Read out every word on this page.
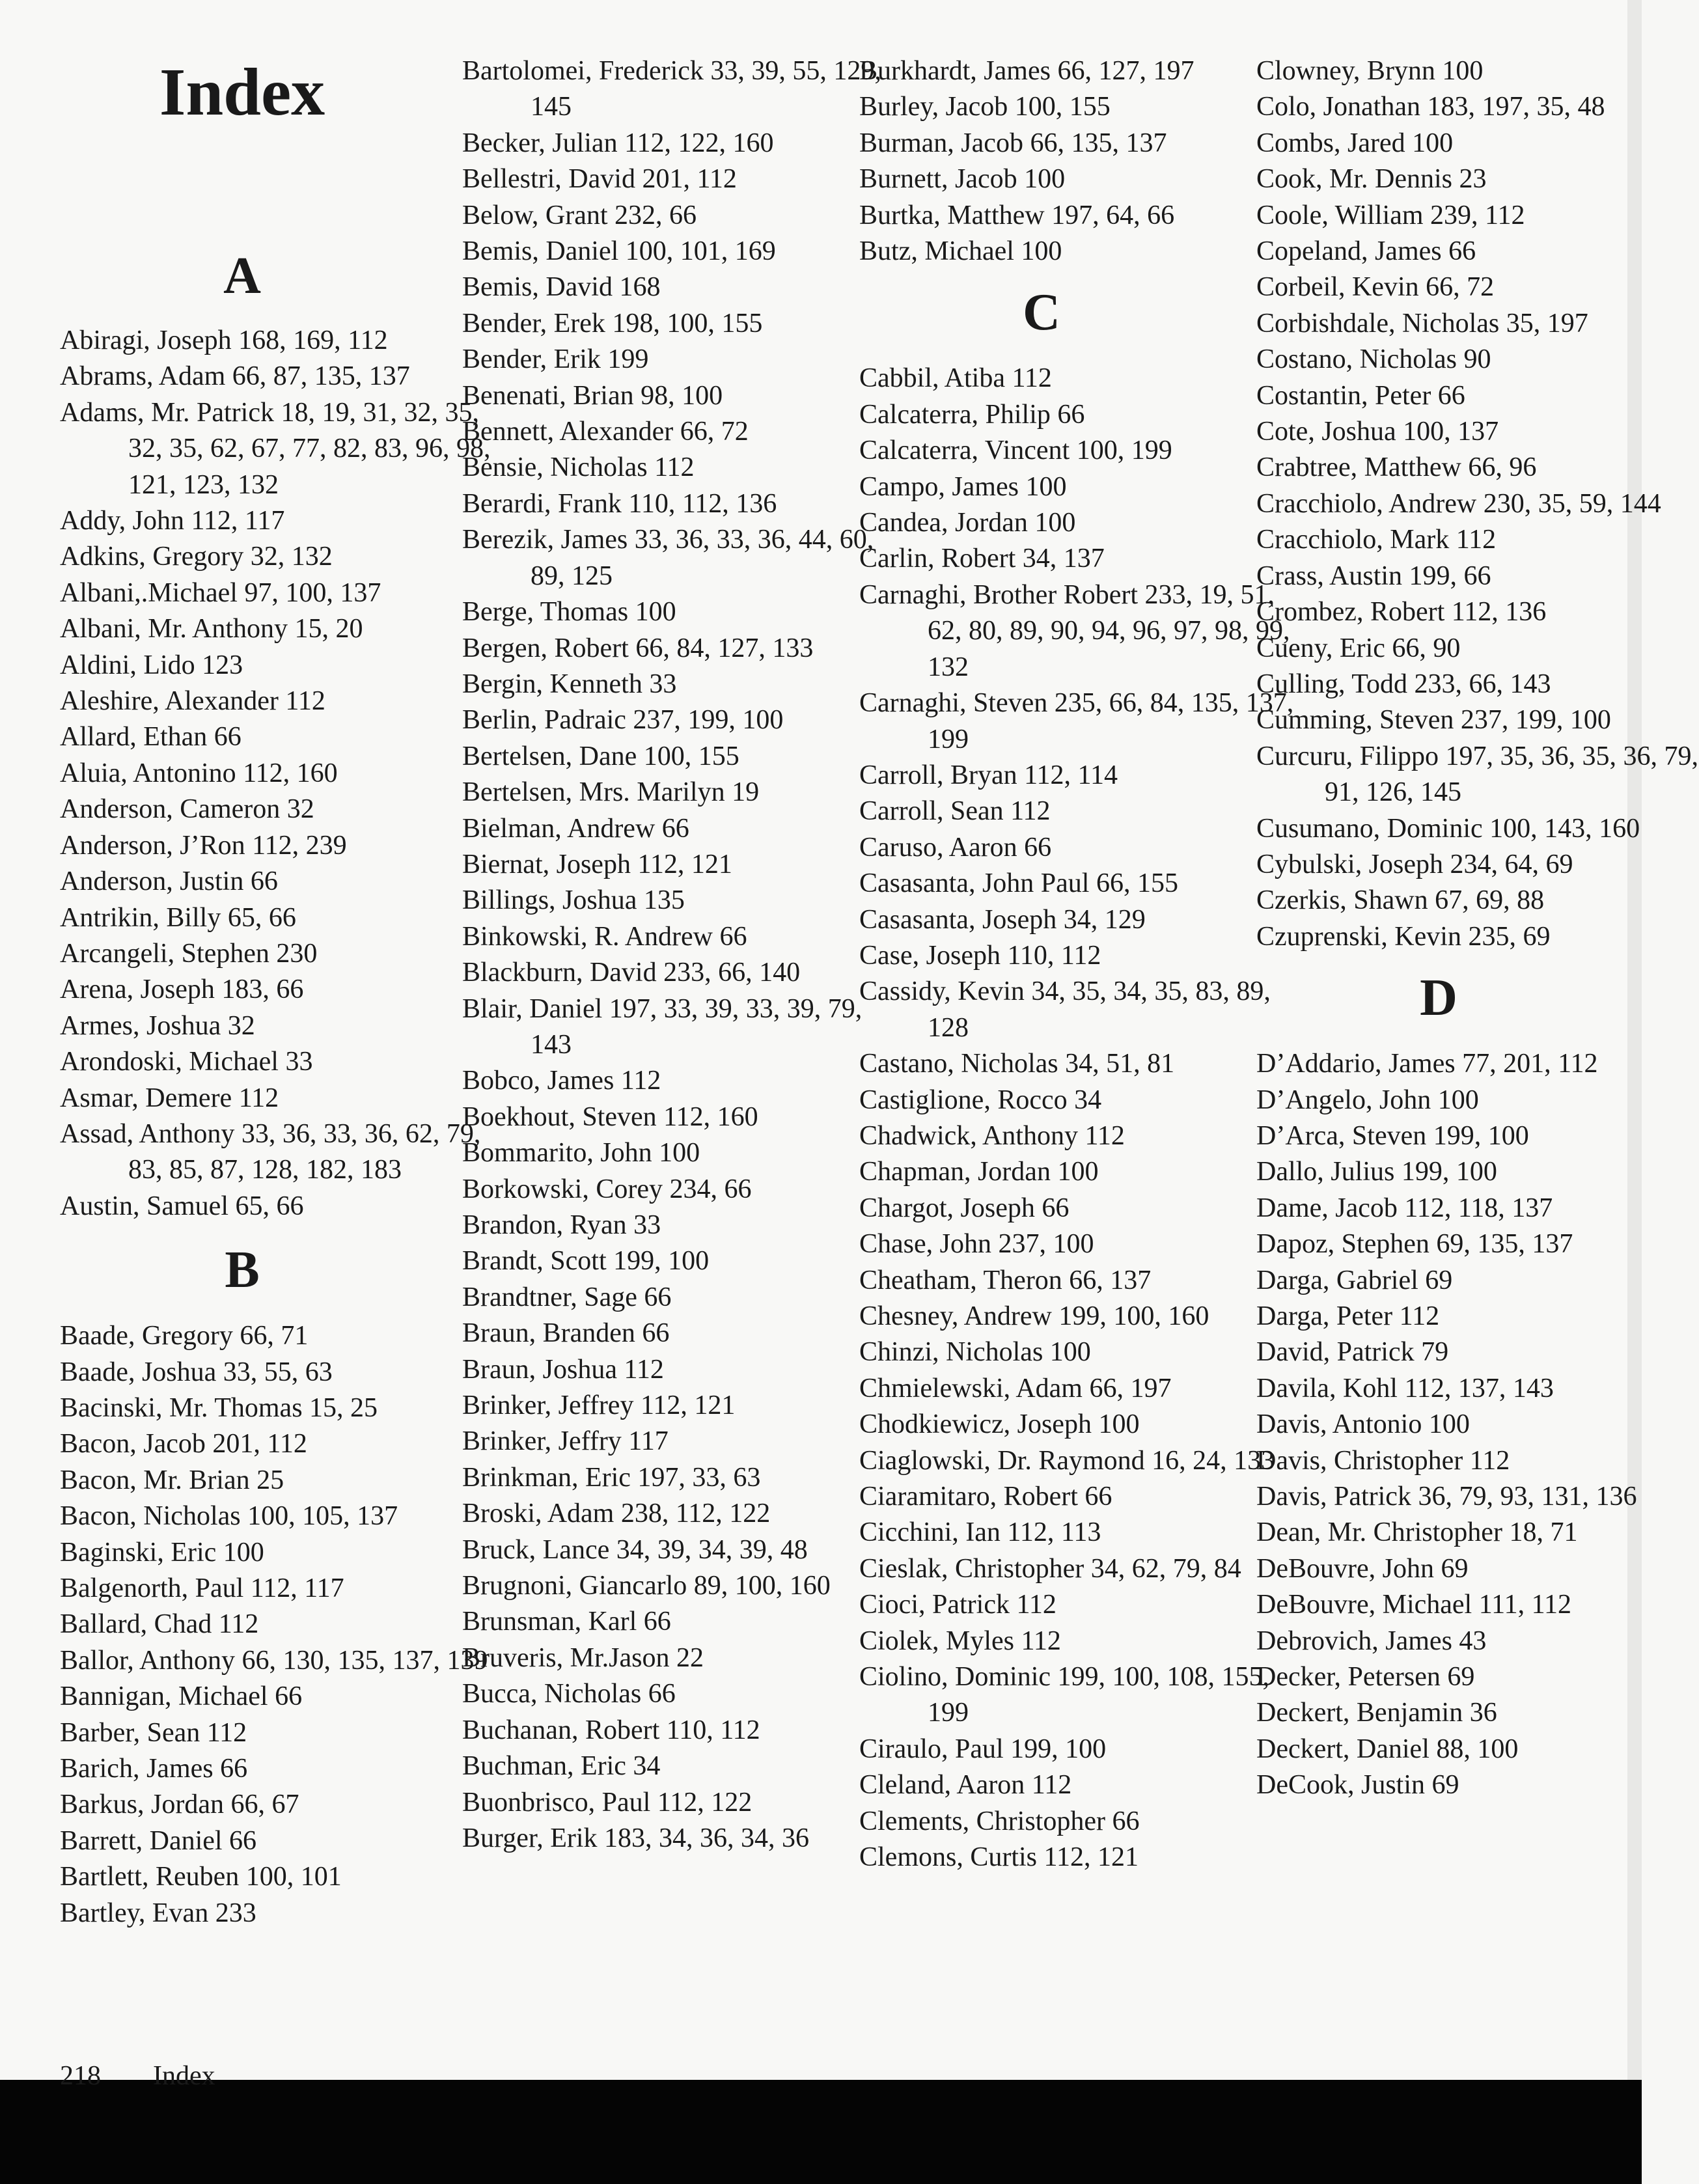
Index
A
Abiragi, Joseph 168, 169, 112
Abrams, Adam 66, 87, 135, 137
Adams, Mr. Patrick 18, 19, 31, 32, 35, 32, 35, 62, 67, 77, 82, 83, 96, 98, 121, 123, 132
Addy, John 112, 117
Adkins, Gregory 32, 132
Albani,.Michael 97, 100, 137
Albani, Mr. Anthony 15, 20
Aldini, Lido 123
Aleshire, Alexander 112
Allard, Ethan 66
Aluia, Antonino 112, 160
Anderson, Cameron 32
Anderson, J’Ron 112, 239
Anderson, Justin 66
Antrikin, Billy 65, 66
Arcangeli, Stephen 230
Arena, Joseph 183, 66
Armes, Joshua 32
Arondoski, Michael 33
Asmar, Demere 112
Assad, Anthony 33, 36, 33, 36, 62, 79, 83, 85, 87, 128, 182, 183
Austin, Samuel 65, 66
B
Baade, Gregory 66, 71
Baade, Joshua 33, 55, 63
Bacinski, Mr. Thomas 15, 25
Bacon, Jacob 201, 112
Bacon, Mr. Brian 25
Bacon, Nicholas 100, 105, 137
Baginski, Eric 100
Balgenorth, Paul 112, 117
Ballard, Chad 112
Ballor, Anthony 66, 130, 135, 137, 139
Bannigan, Michael 66
Barber, Sean 112
Barich, James 66
Barkus, Jordan 66, 67
Barrett, Daniel 66
Bartlett, Reuben 100, 101
Bartley, Evan 233
Bartolomei, Frederick 33, 39, 55, 129, 145
Becker, Julian 112, 122, 160
Bellestri, David 201, 112
Below, Grant 232, 66
Bemis, Daniel 100, 101, 169
Bemis, David 168
Bender, Erek 198, 100, 155
Bender, Erik 199
Benenati, Brian 98, 100
Bennett, Alexander 66, 72
Bensie, Nicholas 112
Berardi, Frank 110, 112, 136
Berezik, James 33, 36, 33, 36, 44, 60, 89, 125
Berge, Thomas 100
Bergen, Robert 66, 84, 127, 133
Bergin, Kenneth 33
Berlin, Padraic 237, 199, 100
Bertelsen, Dane 100, 155
Bertelsen, Mrs. Marilyn 19
Bielman, Andrew 66
Biernat, Joseph 112, 121
Billings, Joshua 135
Binkowski, R. Andrew 66
Blackburn, David 233, 66, 140
Blair, Daniel 197, 33, 39, 33, 39, 79, 143
Bobco, James 112
Boekhout, Steven 112, 160
Bommarito, John 100
Borkowski, Corey 234, 66
Brandon, Ryan 33
Brandt, Scott 199, 100
Brandtner, Sage 66
Braun, Branden 66
Braun, Joshua 112
Brinker, Jeffrey 112, 121
Brinker, Jeffry 117
Brinkman, Eric 197, 33, 63
Broski, Adam 238, 112, 122
Bruck, Lance 34, 39, 34, 39, 48
Brugnoni, Giancarlo 89, 100, 160
Brunsman, Karl 66
Bruveris, Mr.Jason 22
Bucca, Nicholas 66
Buchanan, Robert 110, 112
Buchman, Eric 34
Buonbrisco, Paul 112, 122
Burger, Erik 183, 34, 36, 34, 36
Burkhardt, James 66, 127, 197
Burley, Jacob 100, 155
Burman, Jacob 66, 135, 137
Burnett, Jacob 100
Burtka, Matthew 197, 64, 66
Butz, Michael 100
C
Cabbil, Atiba 112
Calcaterra, Philip 66
Calcaterra, Vincent 100, 199
Campo, James 100
Candea, Jordan 100
Carlin, Robert 34, 137
Carnaghi, Brother Robert 233, 19, 51, 62, 80, 89, 90, 94, 96, 97, 98, 99, 132
Carnaghi, Steven 235, 66, 84, 135, 137, 199
Carroll, Bryan 112, 114
Carroll, Sean 112
Caruso, Aaron 66
Casasanta, John Paul 66, 155
Casasanta, Joseph 34, 129
Case, Joseph 110, 112
Cassidy, Kevin 34, 35, 34, 35, 83, 89, 128
Castano, Nicholas 34, 51, 81
Castiglione, Rocco 34
Chadwick, Anthony 112
Chapman, Jordan 100
Chargot, Joseph 66
Chase, John 237, 100
Cheatham, Theron 66, 137
Chesney, Andrew 199, 100, 160
Chinzi, Nicholas 100
Chmielewski, Adam 66, 197
Chodkiewicz, Joseph 100
Ciaglowski, Dr. Raymond 16, 24, 133
Ciaramitaro, Robert 66
Cicchini, Ian 112, 113
Cieslak, Christopher 34, 62, 79, 84
Cioci, Patrick 112
Ciolek, Myles 112
Ciolino, Dominic 199, 100, 108, 155, 199
Ciraulo, Paul 199, 100
Cleland, Aaron 112
Clements, Christopher 66
Clemons, Curtis 112, 121
Clowney, Brynn 100
Colo, Jonathan 183, 197, 35, 48
Combs, Jared 100
Cook, Mr. Dennis 23
Coole, William 239, 112
Copeland, James 66
Corbeil, Kevin 66, 72
Corbishdale, Nicholas 35, 197
Costano, Nicholas 90
Costantin, Peter 66
Cote, Joshua 100, 137
Crabtree, Matthew 66, 96
Cracchiolo, Andrew 230, 35, 59, 144
Cracchiolo, Mark 112
Crass, Austin 199, 66
Crombez, Robert 112, 136
Cueny, Eric 66, 90
Culling, Todd 233, 66, 143
Cumming, Steven 237, 199, 100
Curcuru, Filippo 197, 35, 36, 35, 36, 79, 91, 126, 145
Cusumano, Dominic 100, 143, 160
Cybulski, Joseph 234, 64, 69
Czerkis, Shawn 67, 69, 88
Czuprenski, Kevin 235, 69
D
D’Addario, James 77, 201, 112
D’Angelo, John 100
D’Arca, Steven 199, 100
Dallo, Julius 199, 100
Dame, Jacob 112, 118, 137
Dapoz, Stephen 69, 135, 137
Darga, Gabriel 69
Darga, Peter 112
David, Patrick 79
Davila, Kohl 112, 137, 143
Davis, Antonio 100
Davis, Christopher 112
Davis, Patrick 36, 79, 93, 131, 136
Dean, Mr. Christopher 18, 71
DeBouvre, John 69
DeBouvre, Michael 111, 112
Debrovich, James 43
Decker, Petersen 69
Deckert, Benjamin 36
Deckert, Daniel 88, 100
DeCook, Justin 69
218 Index
